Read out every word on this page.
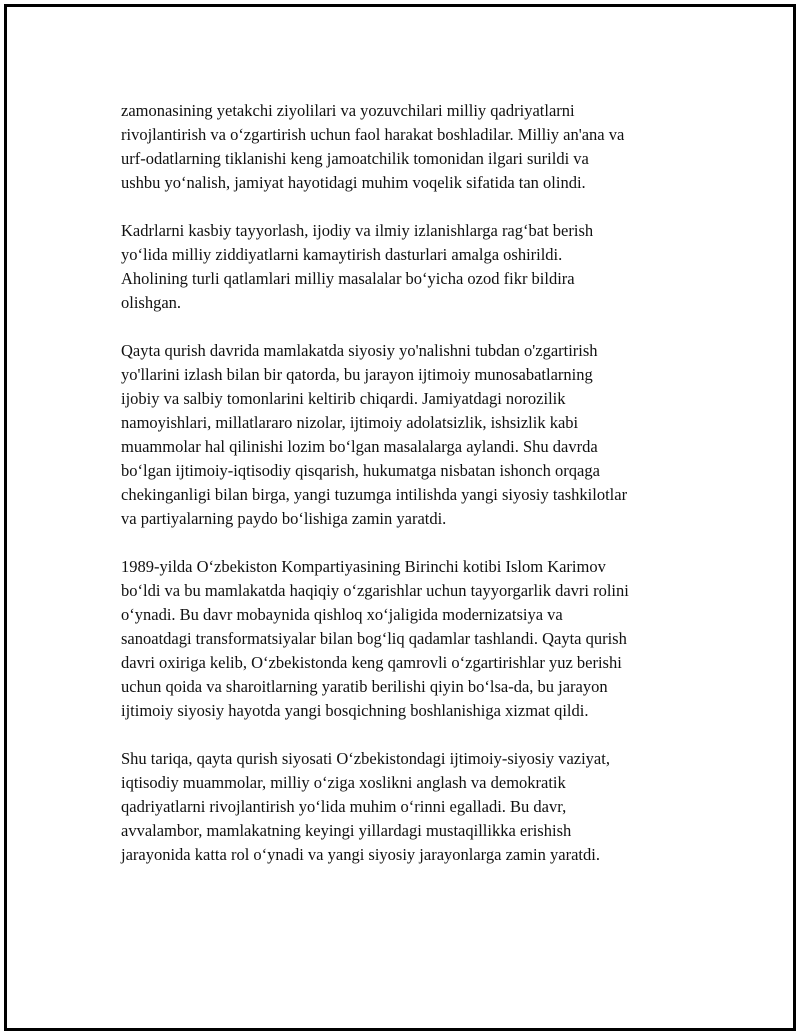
zamonasining yetakchi ziyolilari va yozuvchilari milliy qadriyatlarni
rivojlantirish va o‘zgartirish uchun faol harakat boshladilar. Milliy an'ana va
urf-odatlarning tiklanishi keng jamoatchilik tomonidan ilgari surildi va
ushbu yo‘nalish, jamiyat hayotidagi muhim voqelik sifatida tan olindi.

Kadrlarni kasbiy tayyorlash, ijodiy va ilmiy izlanishlarga rag‘bat berish
yo‘lida milliy ziddiyatlarni kamaytirish dasturlari amalga oshirildi.
Aholining turli qatlamlari milliy masalalar bo‘yicha ozod fikr bildira
olishgan.

Qayta qurish davrida mamlakatda siyosiy yo'nalishni tubdan o'zgartirish
yo'llarini izlash bilan bir qatorda, bu jarayon ijtimoiy munosabatlarning
ijobiy va salbiy tomonlarini keltirib chiqardi. Jamiyatdagi norozilik
namoyishlari, millatlararo nizolar, ijtimoiy adolatsizlik, ishsizlik kabi
muammolar hal qilinishi lozim bo‘lgan masalalarga aylandi. Shu davrda
bo‘lgan ijtimoiy-iqtisodiy qisqarish, hukumatga nisbatan ishonch orqaga
chekinganligi bilan birga, yangi tuzumga intilishda yangi siyosiy tashkilotlar
va partiyalarning paydo bo‘lishiga zamin yaratdi.

1989-yilda O‘zbekiston Kompartiyasining Birinchi kotibi Islom Karimov
bo‘ldi va bu mamlakatda haqiqiy o‘zgarishlar uchun tayyorgarlik davri rolini
o‘ynadi. Bu davr mobaynida qishloq xo‘jaligida modernizatsiya va
sanoatdagi transformatsiyalar bilan bog‘liq qadamlar tashlandi. Qayta qurish
davri oxiriga kelib, O‘zbekistonda keng qamrovli o‘zgartirishlar yuz berishi
uchun qoida va sharoitlarning yaratib berilishi qiyin bo‘lsa-da, bu jarayon
ijtimoiy siyosiy hayotda yangi bosqichning boshlanishiga xizmat qildi.

Shu tariqa, qayta qurish siyosati O‘zbekistondagi ijtimoiy-siyosiy vaziyat,
iqtisodiy muammolar, milliy o‘ziga xoslikni anglash va demokratik
qadriyatlarni rivojlantirish yo‘lida muhim o‘rinni egalladi. Bu davr,
avvalambor, mamlakatning keyingi yillardagi mustaqillikka erishish
jarayonida katta rol o‘ynadi va yangi siyosiy jarayonlarga zamin yaratdi.
